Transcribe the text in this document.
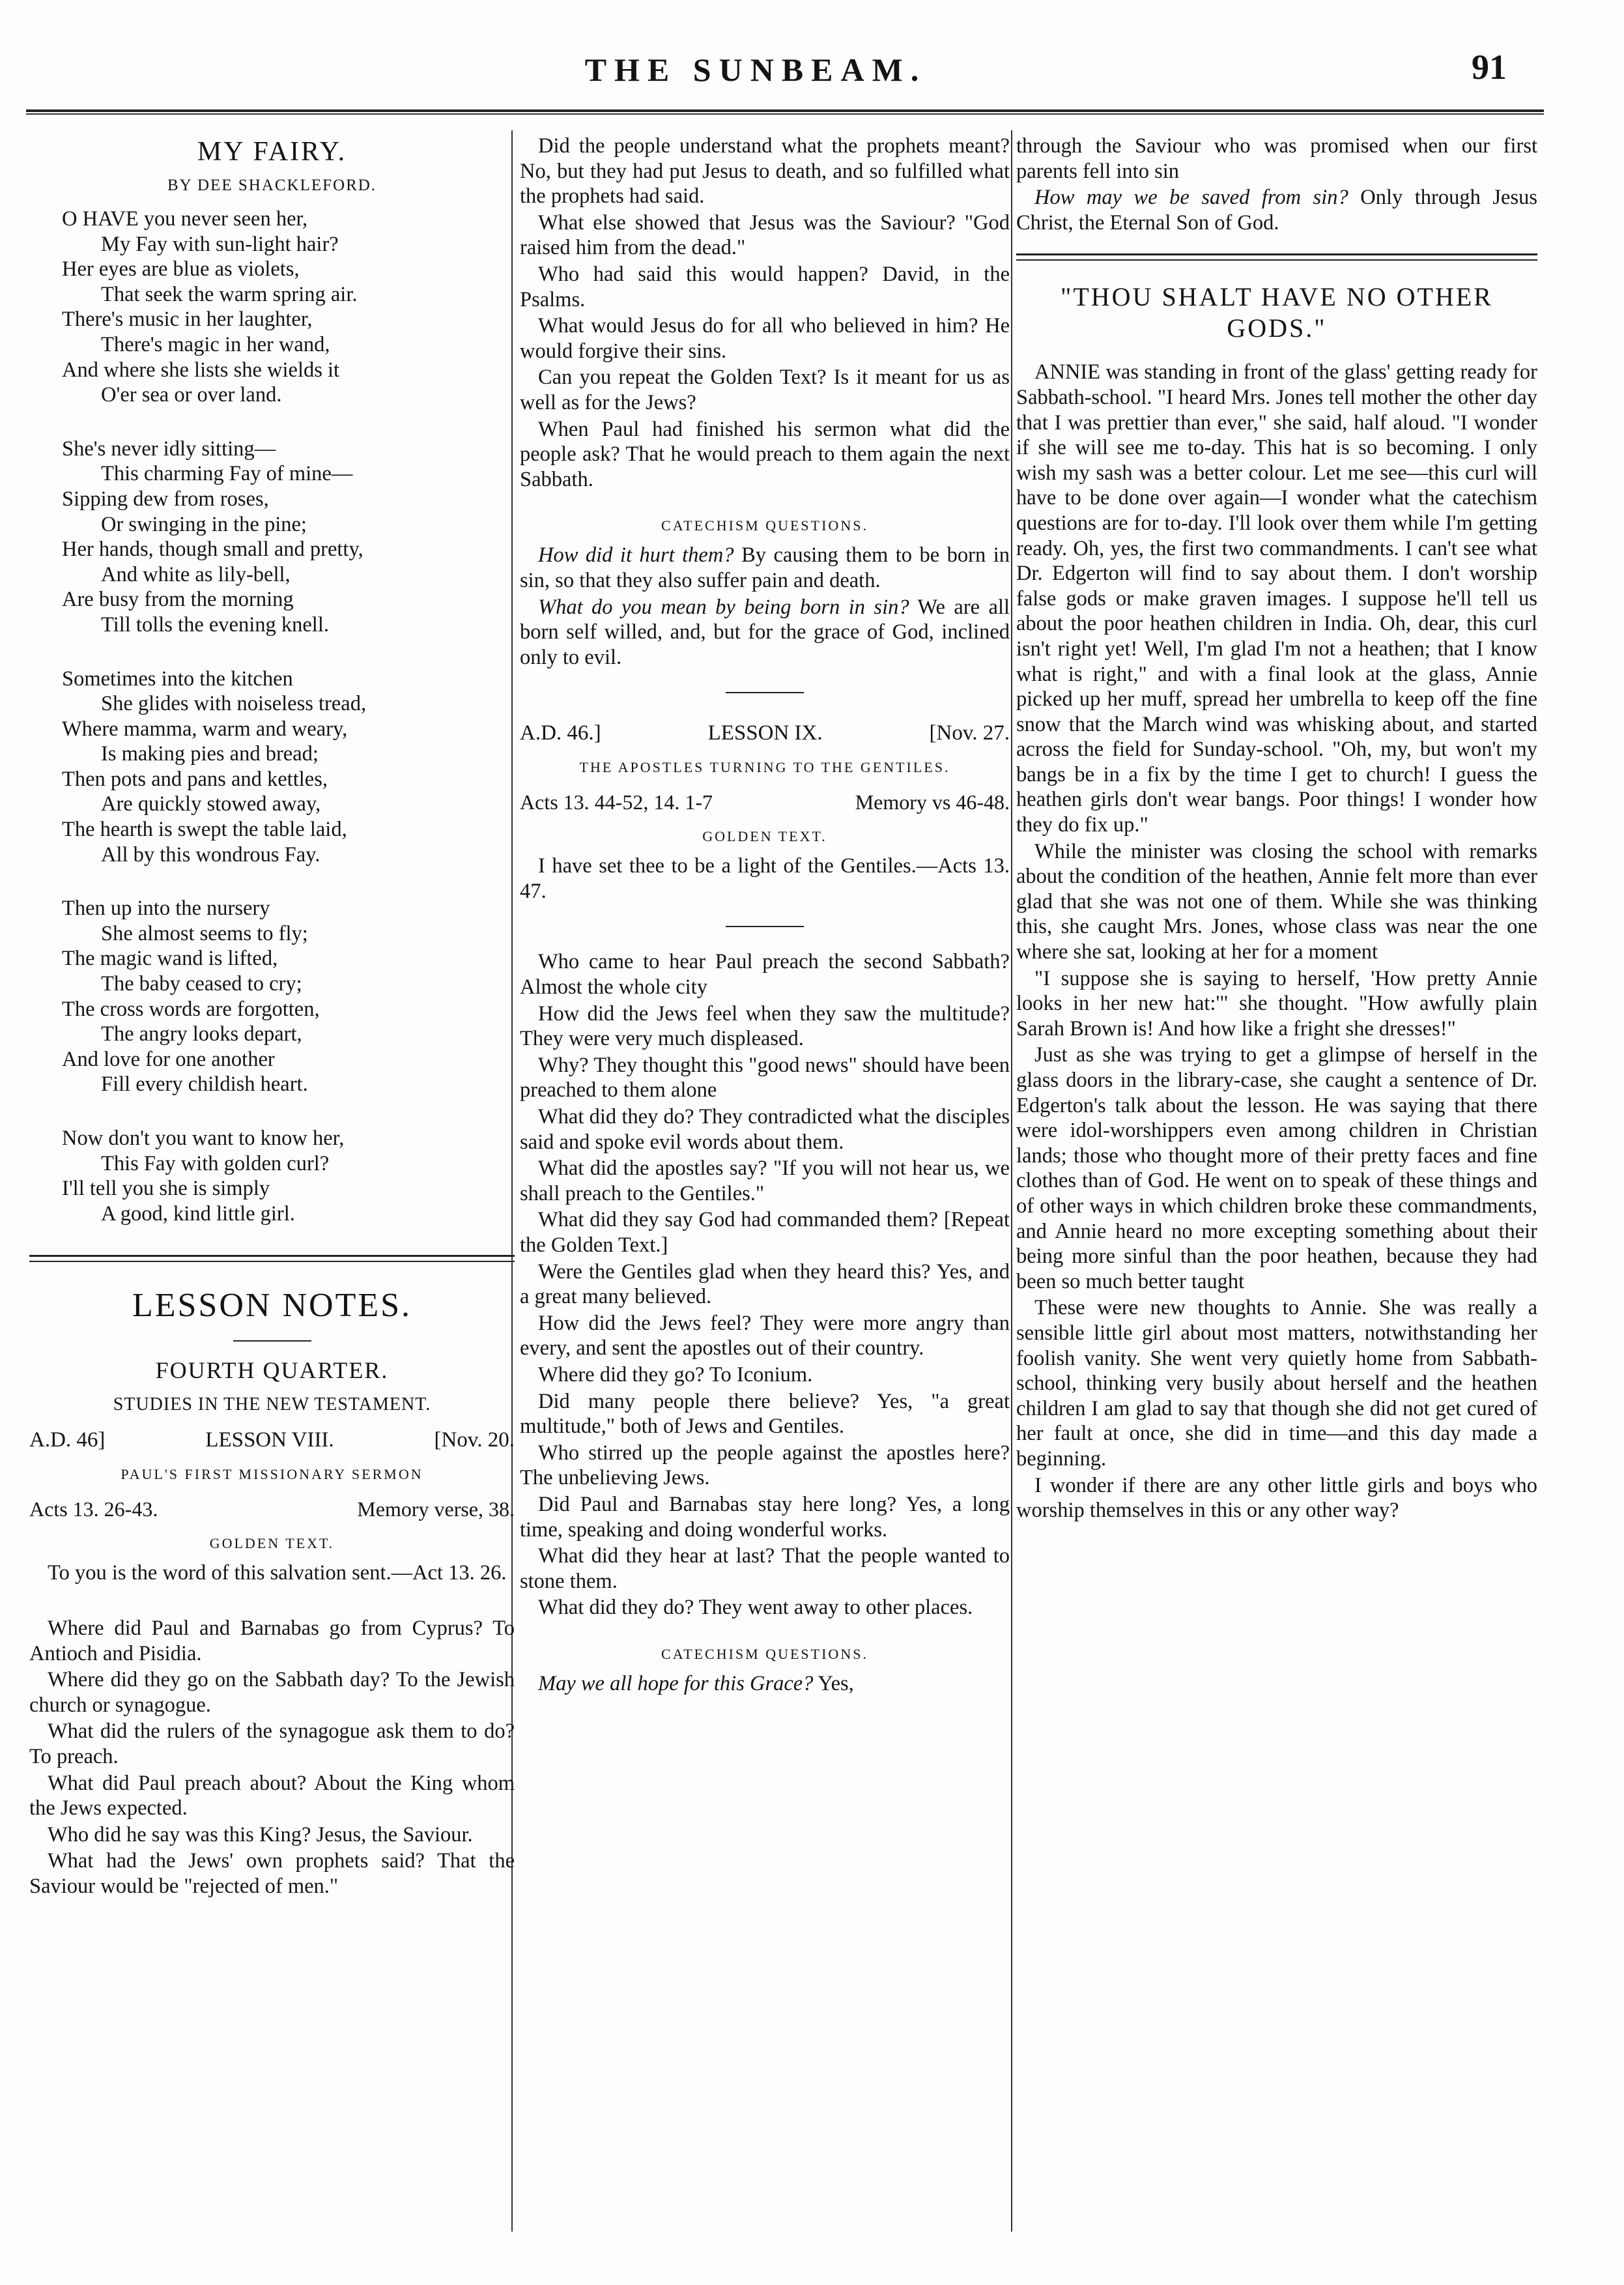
THE SUNBEAM.	91
MY FAIRY.
BY DEE SHACKLEFORD.
O HAVE you never seen her,
My Fay with sun-light hair?
Her eyes are blue as violets,
That seek the warm spring air.
There's music in her laughter,
There's magic in her wand,
And where she lists she wields it
O'er sea or over land.
She's never idly sitting—
This charming Fay of mine—
Sipping dew from roses,
Or swinging in the pine;
Her hands, though small and pretty,
And white as lily-bell,
Are busy from the morning
Till tolls the evening knell.
Sometimes into the kitchen
She glides with noiseless tread,
Where mamma, warm and weary,
Is making pies and bread;
Then pots and pans and kettles,
Are quickly stowed away,
The hearth is swept the table laid,
All by this wondrous Fay.
Then up into the nursery
She almost seems to fly;
The magic wand is lifted,
The baby ceased to cry;
The cross words are forgotten,
The angry looks depart,
And love for one another
Fill every childish heart.
Now don't you want to know her,
This Fay with golden curl?
I'll tell you she is simply
A good, kind little girl.
LESSON NOTES.
FOURTH QUARTER.
STUDIES IN THE NEW TESTAMENT.
A.D. 46]	LESSON VIII.	[Nov. 20.
PAUL'S FIRST MISSIONARY SERMON
Acts 13. 26-43.	Memory verse, 38.
GOLDEN TEXT.

To you is the word of this salvation sent.—Act 13. 26.

Where did Paul and Barnabas go from Cyprus? To Antioch and Pisidia.

Where did they go on the Sabbath day? To the Jewish church or synagogue.

What did the rulers of the synagogue ask them to do? To preach.

What did Paul preach about? About the King whom the Jews expected.

Who did he say was this King? Jesus, the Saviour.

What had the Jews' own prophets said? That the Saviour would be "rejected of men."

Did the people understand what the prophets meant? No, but they had put Jesus to death, and so fulfilled what the prophets had said.

What else showed that Jesus was the Saviour? "God raised him from the dead."

Who had said this would happen? David, in the Psalms.

What would Jesus do for all who believed in him? He would forgive their sins.

Can you repeat the Golden Text? Is it meant for us as well as for the Jews?

When Paul had finished his sermon what did the people ask? That he would preach to them again the next Sabbath.

CATECHISM QUESTIONS.

How did it hurt them? By causing them to be born in sin, so that they also suffer pain and death.

What do you mean by being born in sin? We are all born self willed, and, but for the grace of God, inclined only to evil.

A.D. 46.]	LESSON IX.	[Nov. 27.
THE APOSTLES TURNING TO THE GENTILES.
Acts 13. 44-52, 14. 1-7	Memory vs 46-48.
GOLDEN TEXT.

I have set thee to be a light of the Gentiles.—Acts 13. 47.

Who came to hear Paul preach the second Sabbath? Almost the whole city

How did the Jews feel when they saw the multitude? They were very much displeased.

Why? They thought this "good news" should have been preached to them alone

What did they do? They contradicted what the disciples said and spoke evil words about them.

What did the apostles say? "If you will not hear us, we shall preach to the Gentiles."

What did they say God had commanded them? [Repeat the Golden Text.]

Were the Gentiles glad when they heard this? Yes, and a great many believed.

How did the Jews feel? They were more angry than every, and sent the apostles out of their country.

Where did they go? To Iconium.

Did many people there believe? Yes, "a great multitude," both of Jews and Gentiles.

Who stirred up the people against the apostles here? The unbelieving Jews.

Did Paul and Barnabas stay here long? Yes, a long time, speaking and doing wonderful works.

What did they hear at last? That the people wanted to stone them.

What did they do? They went away to other places.

CATECHISM QUESTIONS.

May we all hope for this Grace? Yes,

through the Saviour who was promised when our first parents fell into sin

How may we be saved from sin? Only through Jesus Christ, the Eternal Son of God.

"THOU SHALT HAVE NO OTHER GODS."

ANNIE was standing in front of the glass' getting ready for Sabbath-school. "I heard Mrs. Jones tell mother the other day that I was prettier than ever," she said, half aloud. "I wonder if she will see me to-day. This hat is so becoming. I only wish my sash was a better colour. Let me see—this curl will have to be done over again—I wonder what the catechism questions are for to-day. I'll look over them while I'm getting ready. Oh, yes, the first two commandments. I can't see what Dr. Edgerton will find to say about them. I don't worship false gods or make graven images. I suppose he'll tell us about the poor heathen children in India. Oh, dear, this curl isn't right yet! Well, I'm glad I'm not a heathen; that I know what is right," and with a final look at the glass, Annie picked up her muff, spread her umbrella to keep off the fine snow that the March wind was whisking about, and started across the field for Sunday-school. "Oh, my, but won't my bangs be in a fix by the time I get to church! I guess the heathen girls don't wear bangs. Poor things! I wonder how they do fix up."

While the minister was closing the school with remarks about the condition of the heathen, Annie felt more than ever glad that she was not one of them. While she was thinking this, she caught Mrs. Jones, whose class was near the one where she sat, looking at her for a moment

"I suppose she is saying to herself, 'How pretty Annie looks in her new hat:'" she thought. "How awfully plain Sarah Brown is! And how like a fright she dresses!"

Just as she was trying to get a glimpse of herself in the glass doors in the library-case, she caught a sentence of Dr. Edgerton's talk about the lesson. He was saying that there were idol-worshippers even among children in Christian lands; those who thought more of their pretty faces and fine clothes than of God. He went on to speak of these things and of other ways in which children broke these commandments, and Annie heard no more excepting something about their being more sinful than the poor heathen, because they had been so much better taught

These were new thoughts to Annie. She was really a sensible little girl about most matters, notwithstanding her foolish vanity. She went very quietly home from Sabbath-school, thinking very busily about herself and the heathen children I am glad to say that though she did not get cured of her fault at once, she did in time—and this day made a beginning.

I wonder if there are any other little girls and boys who worship themselves in this or any other way?
